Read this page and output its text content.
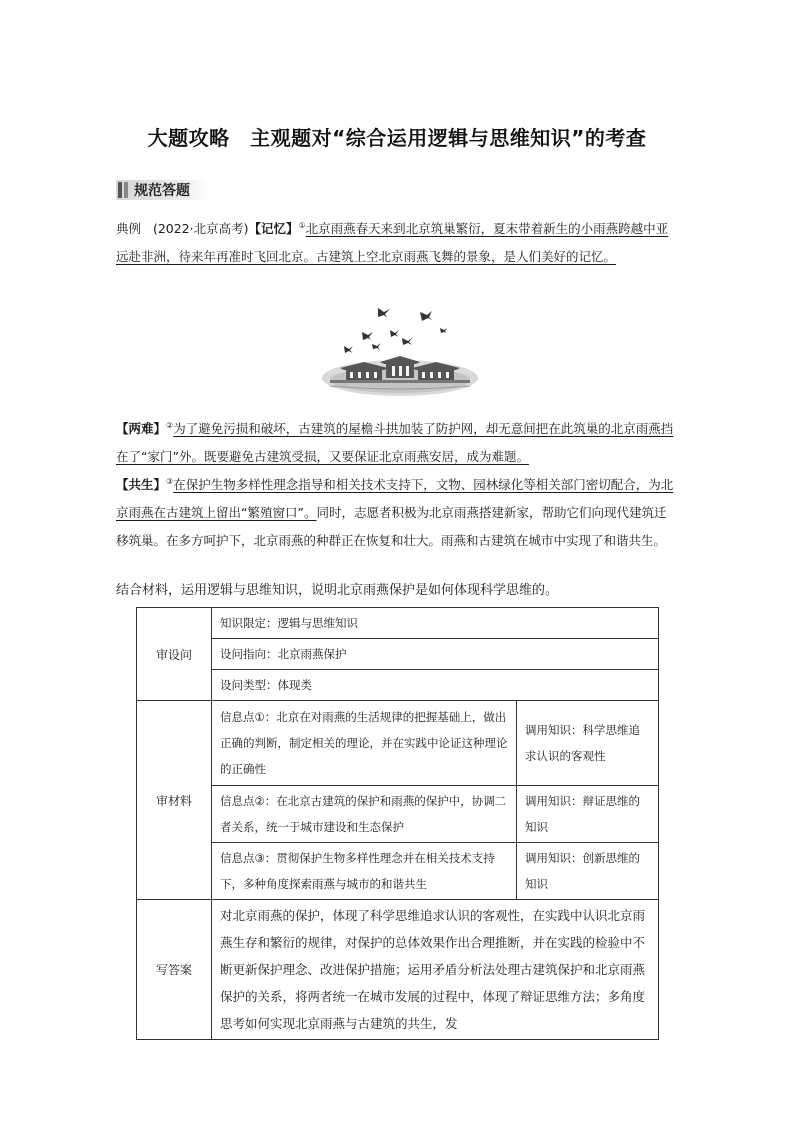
大题攻略　主观题对“综合运用逻辑与思维知识”的考查
规范答题
典例 (2022·北京高考)【记忆】①北京雨燕春天来到北京筑巢繁衍，夏末带着新生的小雨燕跨越中亚远赴非洲，待来年再准时飞回北京。古建筑上空北京雨燕飞舞的景象，是人们美好的记忆。
【两难】②为了避免污损和破坏，古建筑的屋檐斗拱加装了防护网，却无意间把在此筑巢的北京雨燕挡在了“家门”外。既要避免古建筑受损，又要保证北京雨燕安居，成为难题。
【共生】③在保护生物多样性理念指导和相关技术支持下，文物、园林绿化等相关部门密切配合，为北京雨燕在古建筑上留出“繁殖窗口”。同时，志愿者积极为北京雨燕搭建新家，帮助它们向现代建筑迁移筑巢。在多方呵护下，北京雨燕的种群正在恢复和壮大。雨燕和古建筑在城市中实现了和谐共生。
结合材料，运用逻辑与思维知识，说明北京雨燕保护是如何体现科学思维的。
审设问	知识限定：逻辑与思维知识	
	设问指向：北京雨燕保护	
	设问类型：体现类	
审材料	信息点①：北京在对雨燕的生活规律的把握基础上，做出正确的判断，制定相关的理论，并在实践中论证这种理论的正确性	调用知识：科学思维追求认识的客观性
	信息点②：在北京古建筑的保护和雨燕的保护中，协调二者关系，统一于城市建设和生态保护	调用知识：辩证思维的知识
	信息点③：贯彻保护生物多样性理念并在相关技术支持下，多种角度探索雨燕与城市的和谐共生	调用知识：创新思维的知识
写答案	对北京雨燕的保护，体现了科学思维追求认识的客观性，在实践中认识北京雨燕生存和繁衍的规律，对保护的总体效果作出合理推断，并在实践的检验中不断更新保护理念、改进保护措施；运用矛盾分析法处理古建筑保护和北京雨燕保护的关系，将两者统一在城市发展的过程中，体现了辩证思维方法；多角度思考如何实现北京雨燕与古建筑的共生，发	
